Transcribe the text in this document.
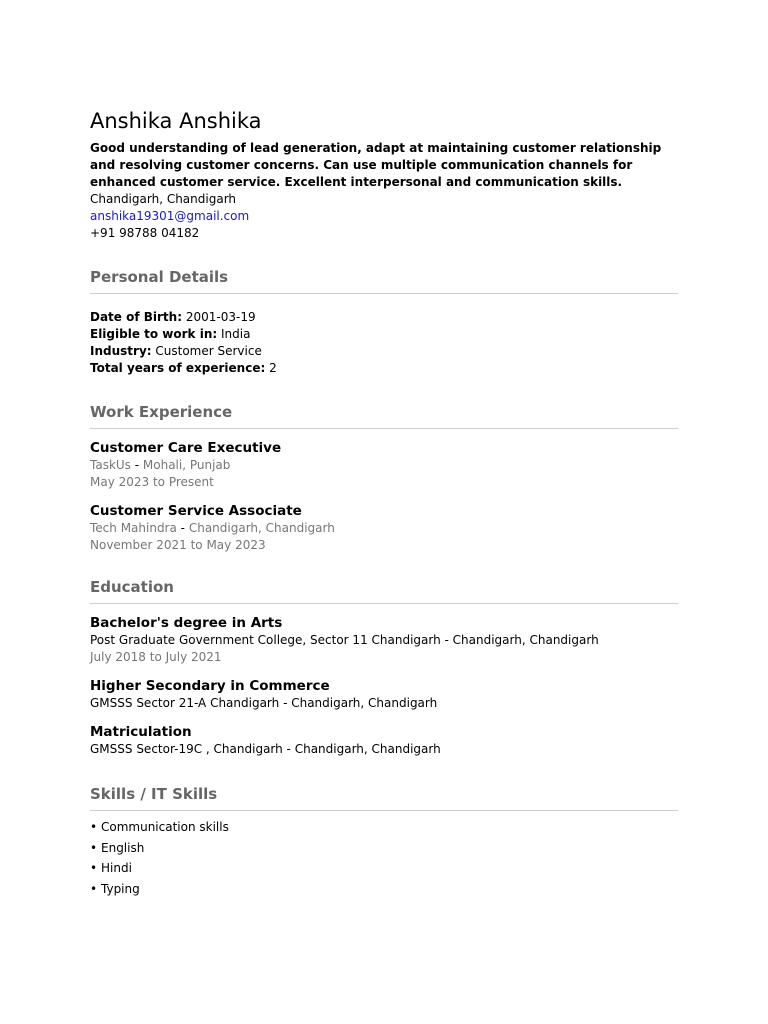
Anshika Anshika

Good understanding of lead generation, adapt at maintaining customer relationship and resolving customer concerns. Can use multiple communication channels for enhanced customer service. Excellent interpersonal and communication skills.

Chandigarh, Chandigarh
anshika19301@gmail.com
+91 98788 04182
Personal Details
Date of Birth: 2001-03-19
Eligible to work in: India
Industry: Customer Service
Total years of experience: 2
Work Experience
Customer Care Executive
TaskUs - Mohali, Punjab
May 2023 to Present
Customer Service Associate
Tech Mahindra - Chandigarh, Chandigarh
November 2021 to May 2023
Education
Bachelor's degree in Arts
Post Graduate Government College, Sector 11 Chandigarh - Chandigarh, Chandigarh
July 2018 to July 2021
Higher Secondary in Commerce
GMSSS Sector 21-A Chandigarh - Chandigarh, Chandigarh
Matriculation
GMSSS Sector-19C , Chandigarh - Chandigarh, Chandigarh
Skills / IT Skills
• Communication skills
• English
• Hindi
• Typing
